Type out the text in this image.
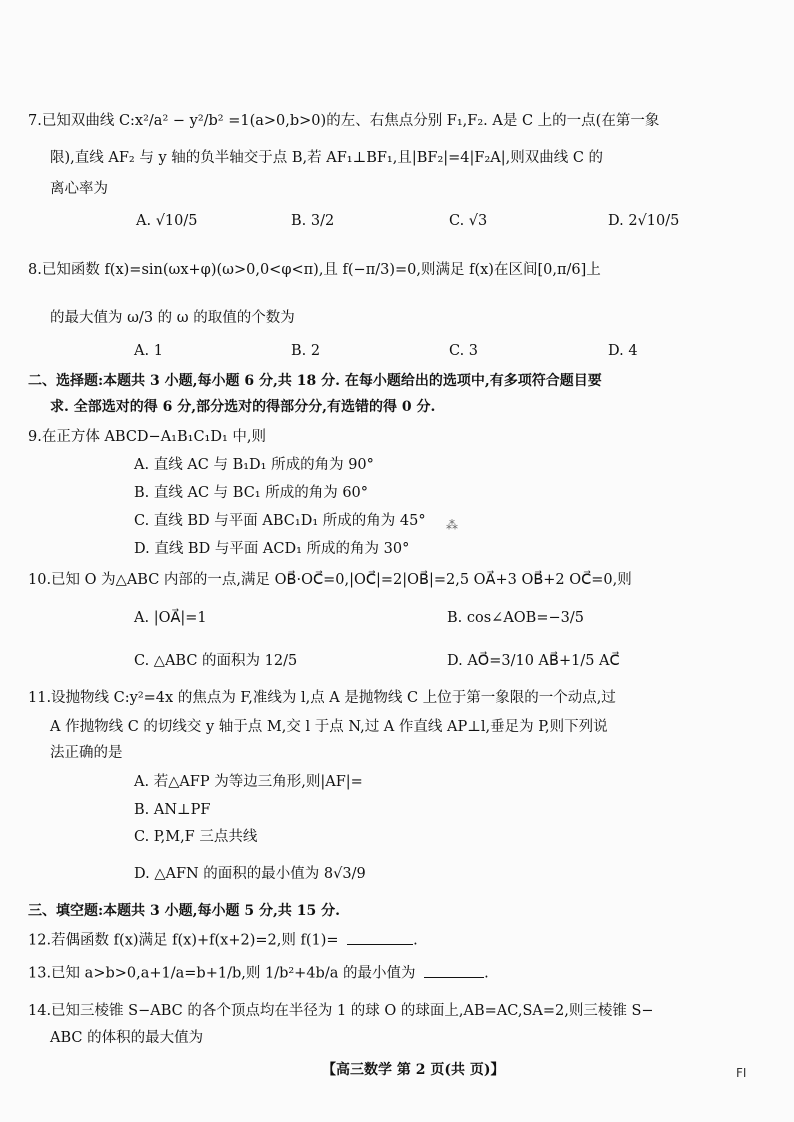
7.已知双曲线 C:x²/a² − y²/b² =1(a>0,b>0)的左、右焦点分别 F₁,F₂. A是 C 上的一点(在第一象
限),直线 AF₂ 与 y 轴的负半轴交于点 B,若 AF₁⊥BF₁,且|BF₂|=4|F₂A|,则双曲线 C 的
离心率为
A. √10/5	B. 3/2	C. √3	D. 2√10/5
8.已知函数 f(x)=sin(ωx+φ)(ω>0,0<φ<π),且 f(−π/3)=0,则满足 f(x)在区间[0,π/6]上
的最大值为 ω/3 的 ω 的取值的个数为
A. 1	B. 2	C. 3	D. 4
二、选择题:本题共 3 小题,每小题 6 分,共 18 分. 在每小题给出的选项中,有多项符合题目要
求. 全部选对的得 6 分,部分选对的得部分分,有选错的得 0 分.
9.在正方体 ABCD−A₁B₁C₁D₁ 中,则
A. 直线 AC 与 B₁D₁ 所成的角为 90°
B. 直线 AC 与 BC₁ 所成的角为 60°
C. 直线 BD 与平面 ABC₁D₁ 所成的角为 45°
D. 直线 BD 与平面 ACD₁ 所成的角为 30°
⁂
10.已知 O 为△ABC 内部的一点,满足 OB⃗·OC⃗=0,|OC⃗|=2|OB⃗|=2,5 OA⃗+3 OB⃗+2 OC⃗=0,则
A. |OA⃗|=1	B. cos∠AOB=−3/5
C. △ABC 的面积为 12/5	D. AO⃗=3/10 AB⃗+1/5 AC⃗
11.设抛物线 C:y²=4x 的焦点为 F,准线为 l,点 A 是抛物线 C 上位于第一象限的一个动点,过
A 作抛物线 C 的切线交 y 轴于点 M,交 l 于点 N,过 A 作直线 AP⊥l,垂足为 P,则下列说
法正确的是
A. 若△AFP 为等边三角形,则|AF|=
B. AN⊥PF
C. P,M,F 三点共线
D. △AFN 的面积的最小值为 8√3/9
三、填空题:本题共 3 小题,每小题 5 分,共 15 分.
12.若偶函数 f(x)满足 f(x)+f(x+2)=2,则 f(1)=	.
13.已知 a>b>0,a+1/a=b+1/b,则 1/b²+4b/a 的最小值为	.
14.已知三棱锥 S−ABC 的各个顶点均在半径为 1 的球 O 的球面上,AB=AC,SA=2,则三棱锥 S−
ABC 的体积的最大值为
【高三数学 第 2 页(共 页)】	FI
